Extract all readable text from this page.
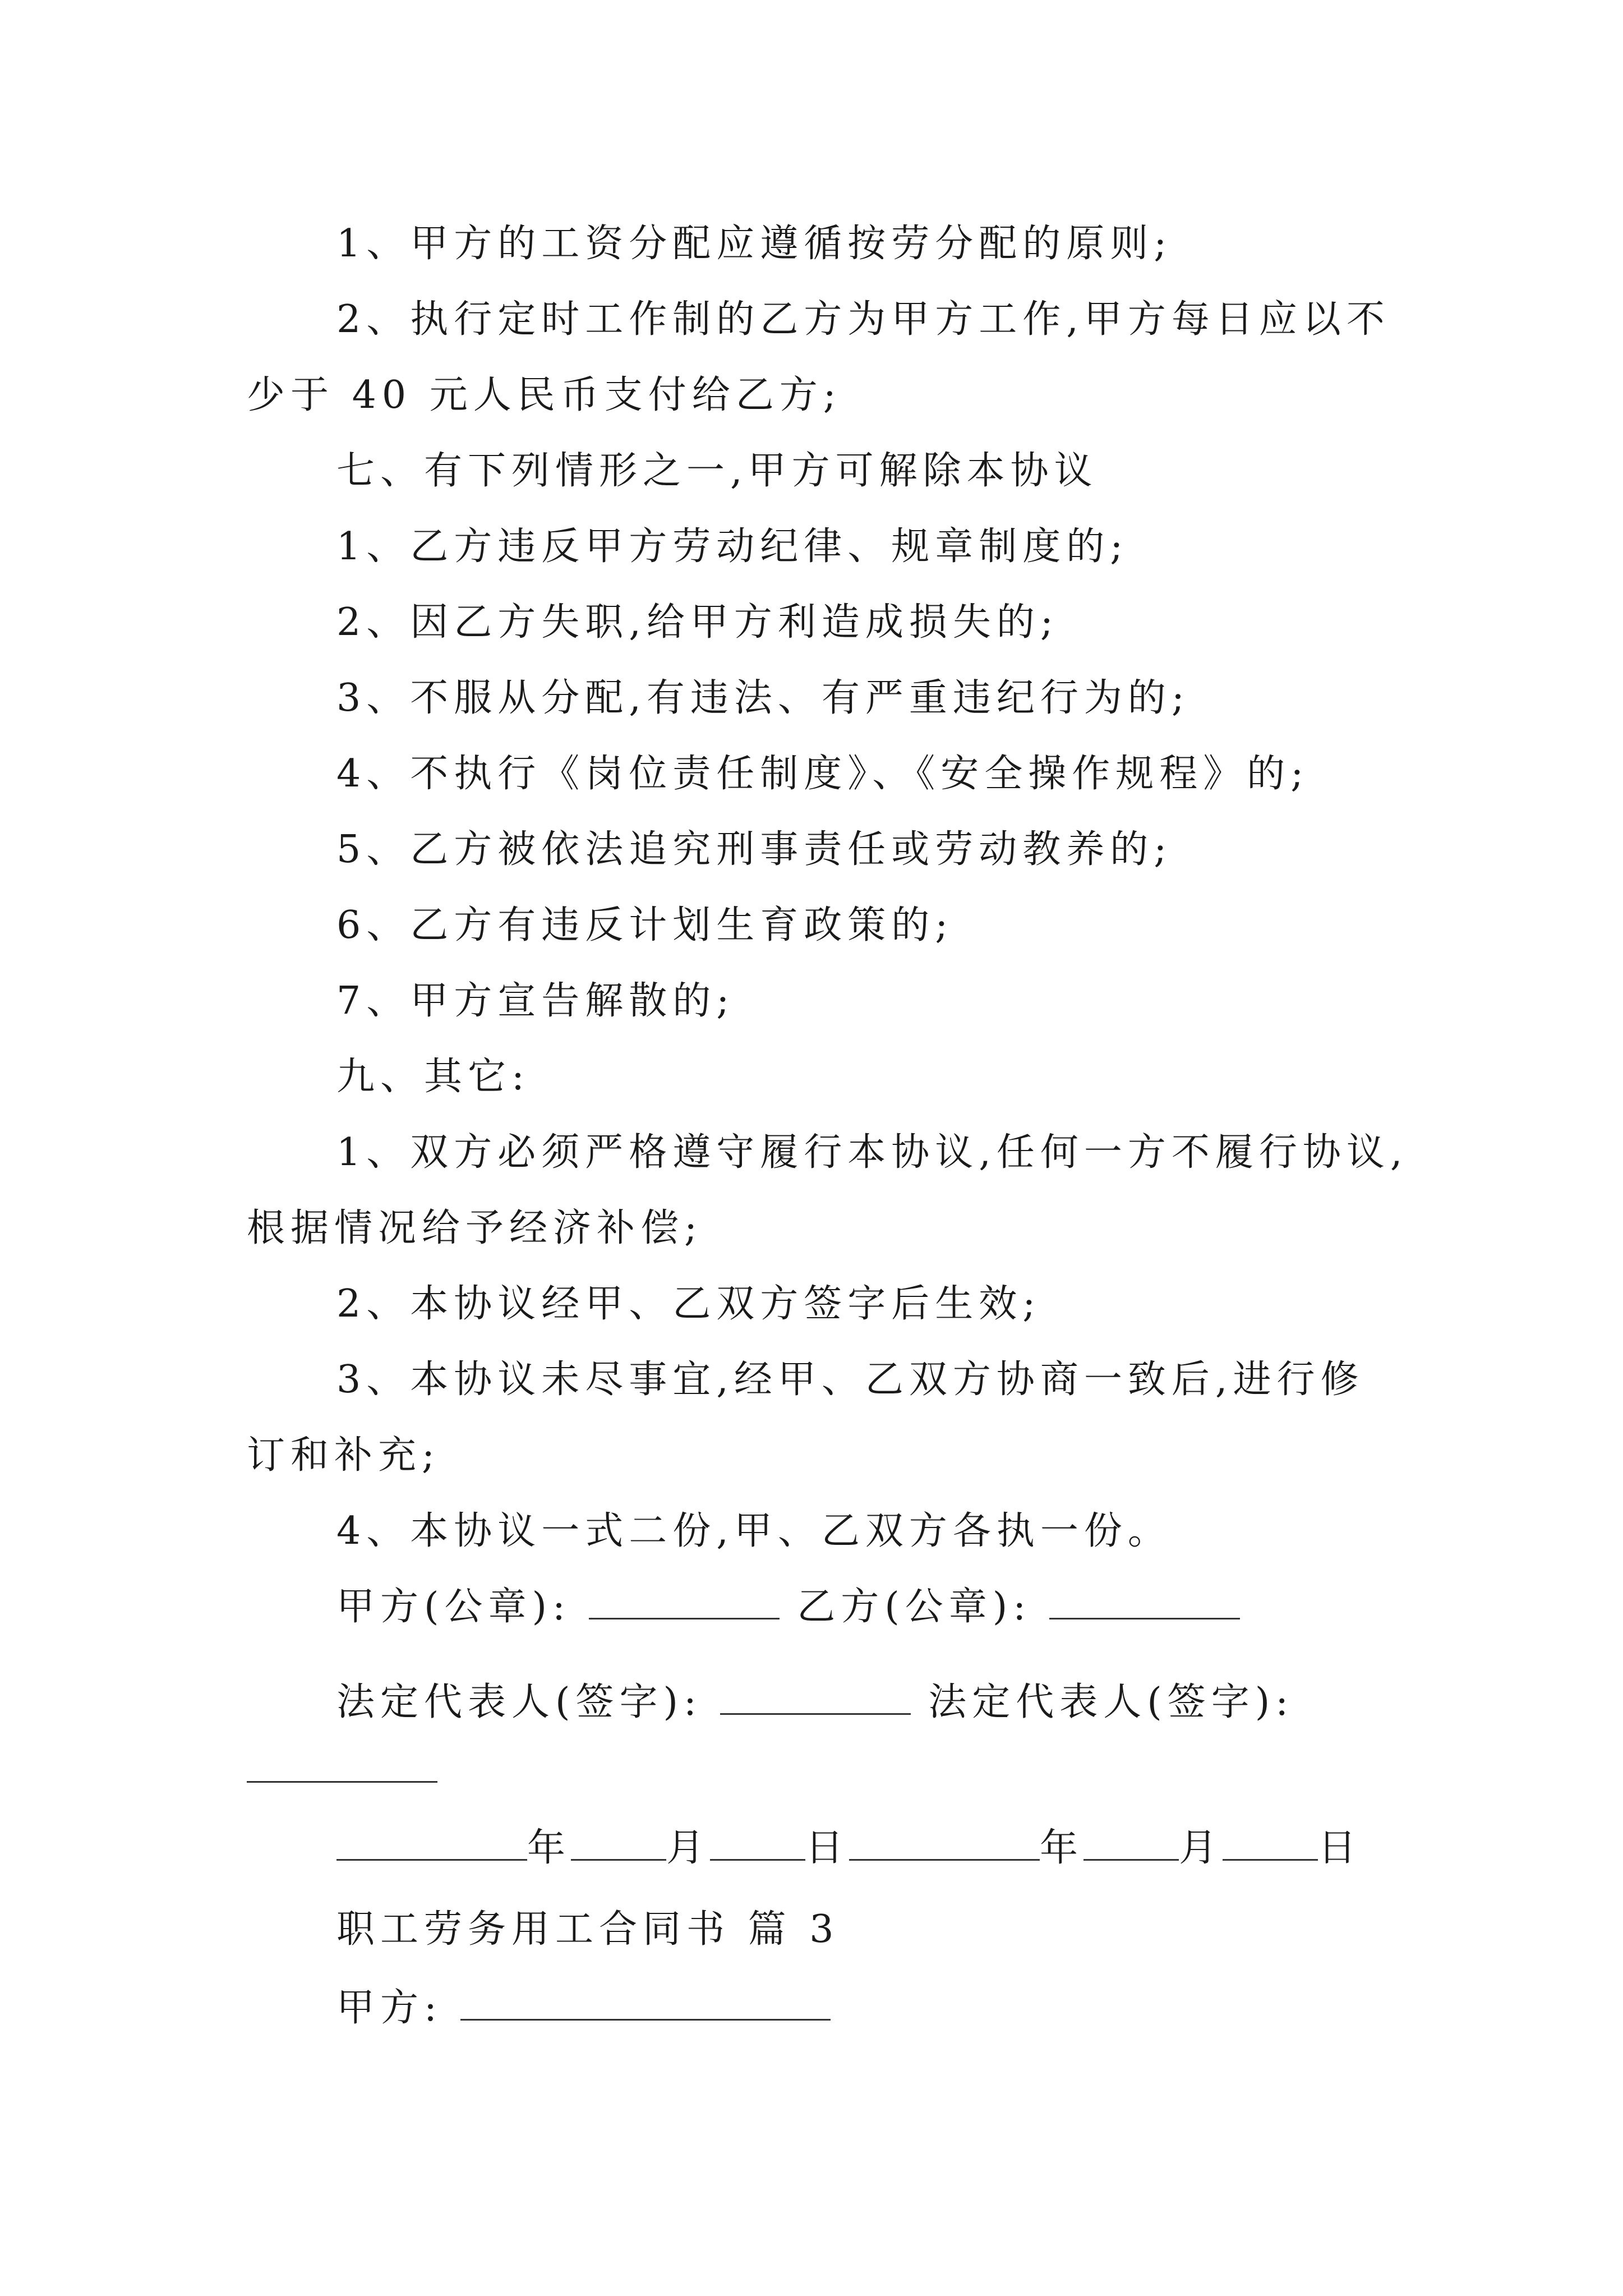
1、甲方的工资分配应遵循按劳分配的原则;
2、执行定时工作制的乙方为甲方工作,甲方每日应以不
少于 40 元人民币支付给乙方;
七、有下列情形之一,甲方可解除本协议
1、乙方违反甲方劳动纪律、规章制度的;
2、因乙方失职,给甲方利造成损失的;
3、不服从分配,有违法、有严重违纪行为的;
4、不执行《岗位责任制度》、《安全操作规程》的;
5、乙方被依法追究刑事责任或劳动教养的;
6、乙方有违反计划生育政策的;
7、甲方宣告解散的;
九、其它:
1、双方必须严格遵守履行本协议,任何一方不履行协议,
根据情况给予经济补偿;
2、本协议经甲、乙双方签字后生效;
3、本协议未尽事宜,经甲、乙双方协商一致后,进行修
订和补充;
4、本协议一式二份,甲、乙双方各执一份。
甲方(公章):	乙方(公章):
法定代表人(签字):	法定代表人(签字):
年	月	日	年	月	日
职工劳务用工合同书 篇 3
甲方:
